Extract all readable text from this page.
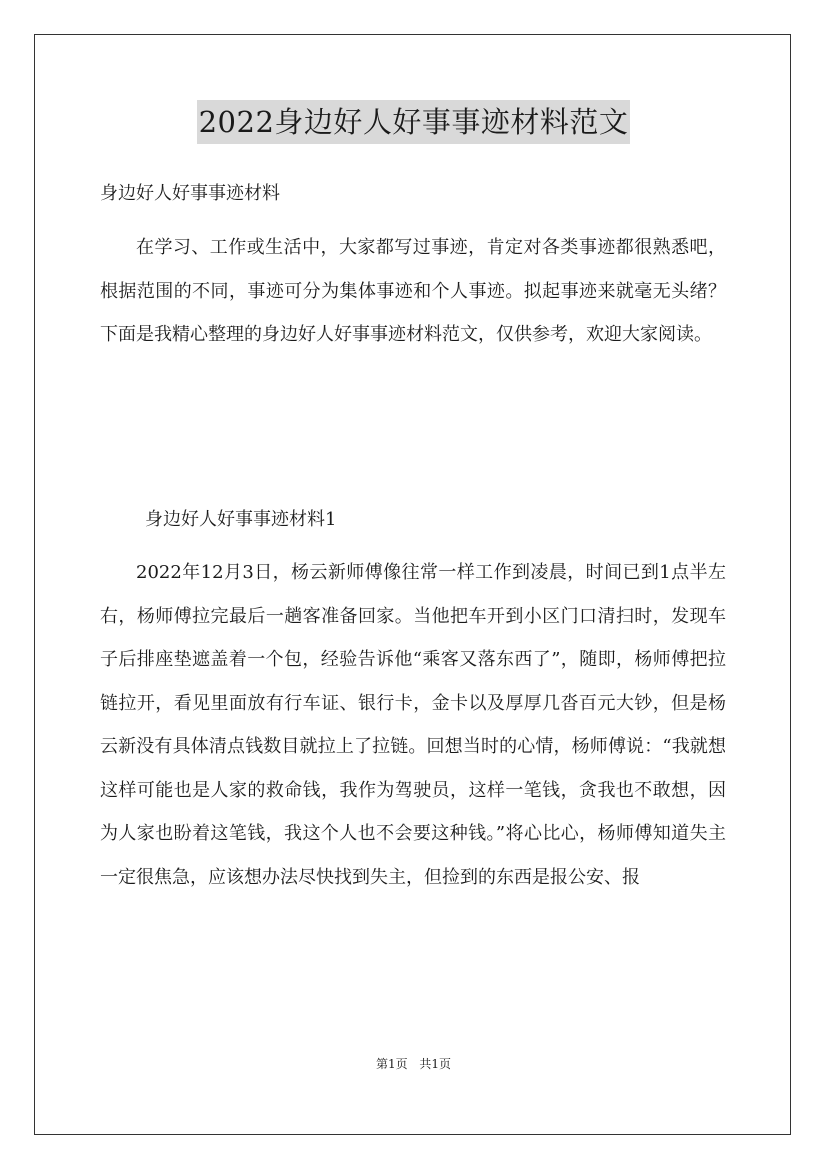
2022身边好人好事事迹材料范文
身边好人好事事迹材料

在学习、工作或生活中，大家都写过事迹，肯定对各类事迹都很熟悉吧，根据范围的不同，事迹可分为集体事迹和个人事迹。拟起事迹来就毫无头绪？下面是我精心整理的身边好人好事事迹材料范文，仅供参考，欢迎大家阅读。

身边好人好事事迹材料1

2022年12月3日，杨云新师傅像往常一样工作到凌晨，时间已到1点半左右，杨师傅拉完最后一趟客准备回家。当他把车开到小区门口清扫时，发现车子后排座垫遮盖着一个包，经验告诉他“乘客又落东西了”，随即，杨师傅把拉链拉开，看见里面放有行车证、银行卡，金卡以及厚厚几沓百元大钞，但是杨云新没有具体清点钱数目就拉上了拉链。回想当时的心情，杨师傅说：“我就想这样可能也是人家的救命钱，我作为驾驶员，这样一笔钱，贪我也不敢想，因为人家也盼着这笔钱，我这个人也不会要这种钱。”将心比心，杨师傅知道失主一定很焦急，应该想办法尽快找到失主，但捡到的东西是报公安、报

第1页 共1页
